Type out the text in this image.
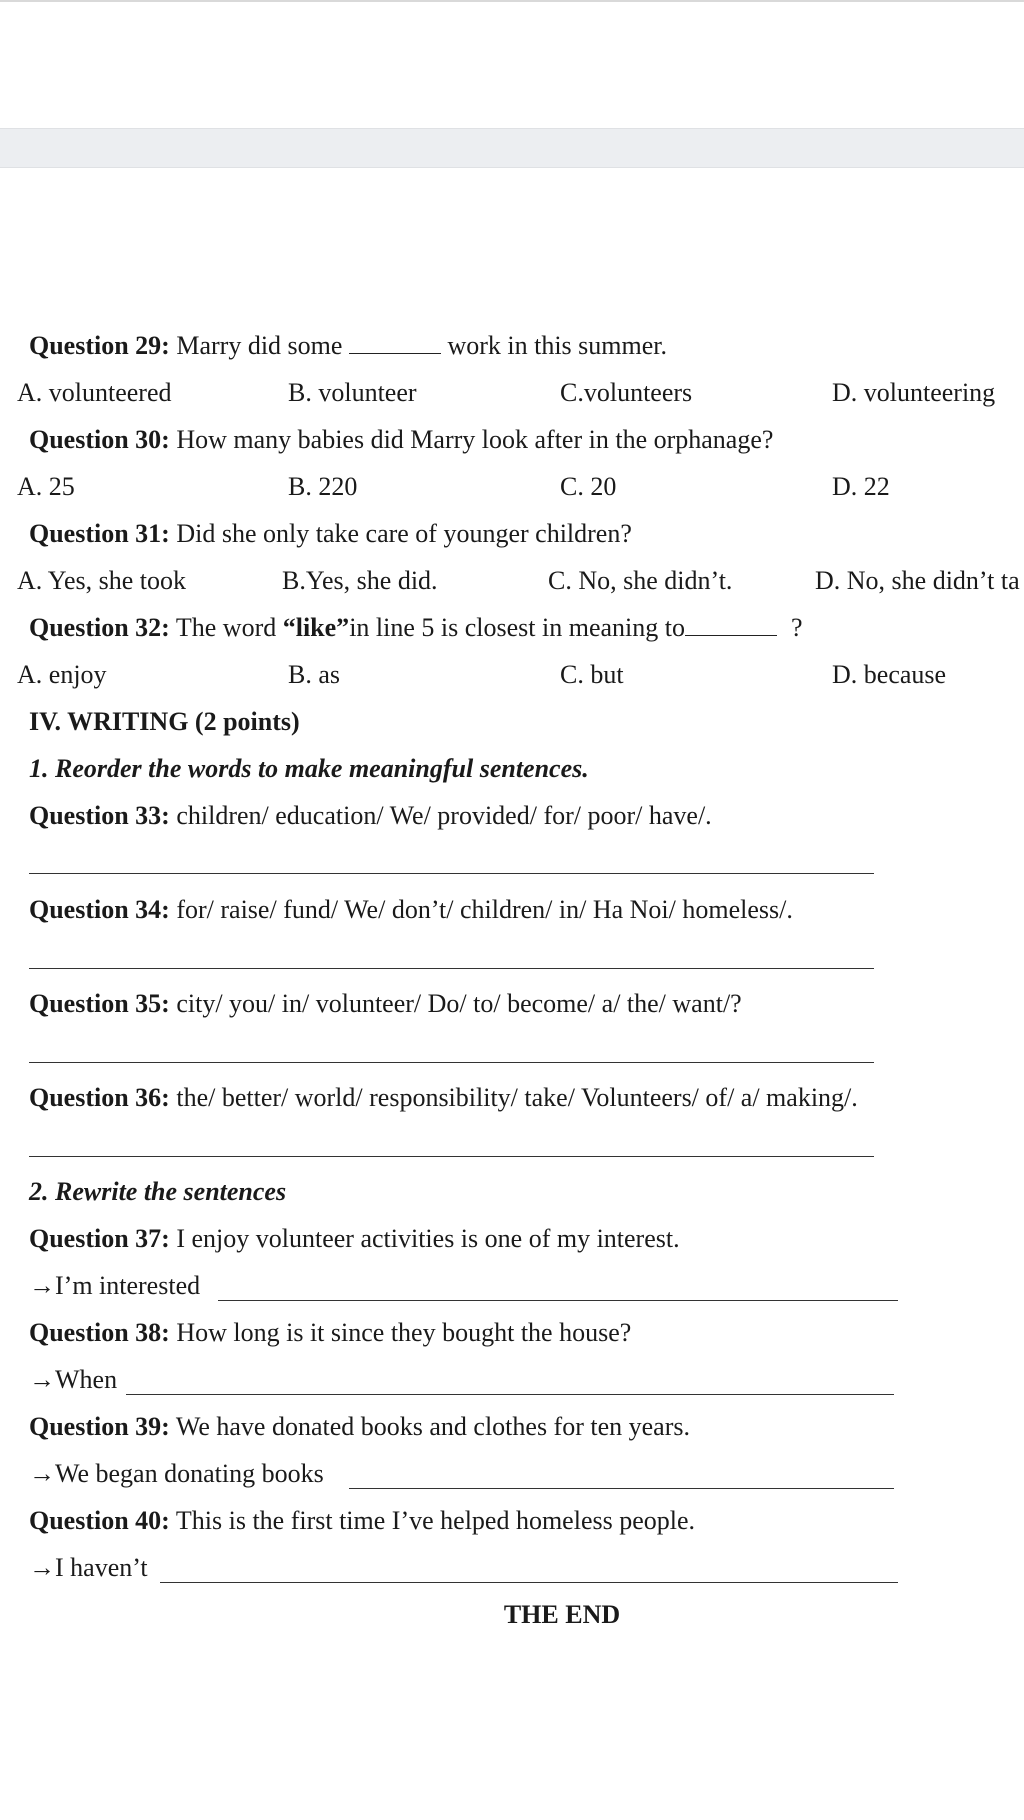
Question 29: Marry did some	work in this summer.
A. volunteered	B. volunteer	C.volunteers	D. volunteering
Question 30: How many babies did Marry look after in the orphanage?
A. 25	B. 220	C. 20	D. 22
Question 31: Did she only take care of younger children?
A. Yes, she took	B.Yes, she did.	C. No, she didn’t.	D. No, she didn’t ta
Question 32: The word “like”in line 5 is closest in meaning to	?
A. enjoy	B. as	C. but	D. because
IV. WRITING (2 points)
1. Reorder the words to make meaningful sentences.
Question 33: children/ education/ We/ provided/ for/ poor/ have/.
Question 34: for/ raise/ fund/ We/ don’t/ children/ in/ Ha Noi/ homeless/.
Question 35: city/ you/ in/ volunteer/ Do/ to/ become/ a/ the/ want/?
Question 36: the/ better/ world/ responsibility/ take/ Volunteers/ of/ a/ making/.
2. Rewrite the sentences
Question 37: I enjoy volunteer activities is one of my interest.
→I’m interested
Question 38: How long is it since they bought the house?
→When
Question 39: We have donated books and clothes for ten years.
→We began donating books
Question 40: This is the first time I’ve helped homeless people.
→I haven’t
THE END
